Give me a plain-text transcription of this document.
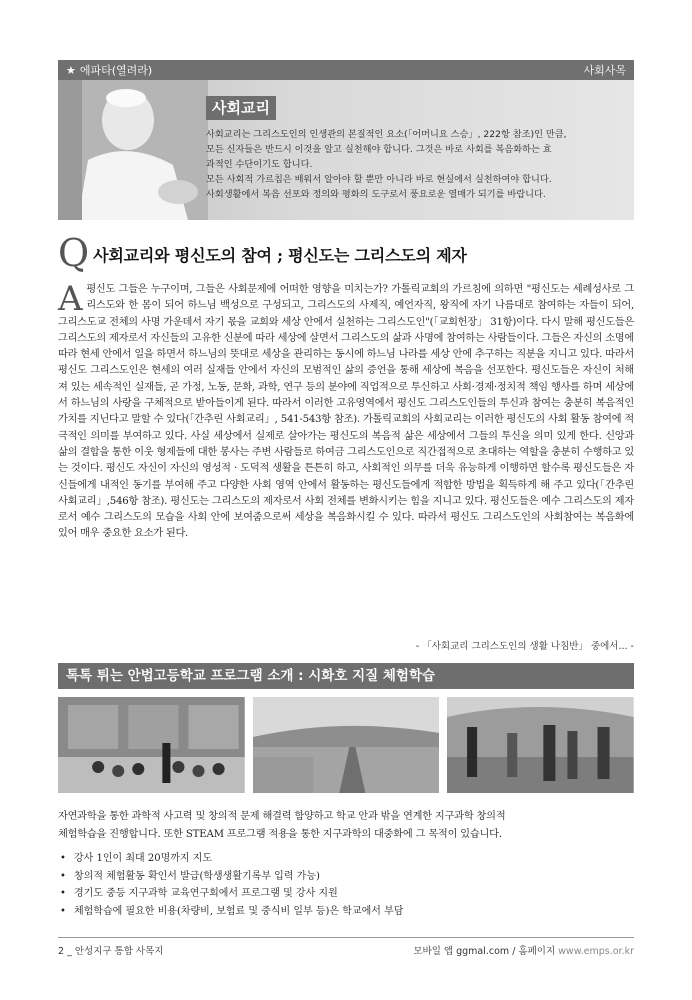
★ 에파타(열려라)	사회사목
사회교리

사회교리는 그리스도인의 인생관의 본질적인 요소(「어머니요 스승」, 222항 참조)인 만큼,

모든 신자들은 반드시 이것을 알고 실천해야 합니다. 그것은 바로 사회를 복음화하는 효

과적인 수단이기도 합니다.

모든 사회적 가르침은 배워서 알아야 할 뿐만 아니라 바로 현실에서 실천하여야 합니다.

사회생활에서 복음 선포와 정의와 평화의 도구로서 풍요로운 열매가 되기를 바랍니다.

Q 사회교리와 평신도의 참여 ; 평신도는 그리스도의 제자
A 평신도 그들은 누구이며, 그들은 사회문제에 어떠한 영향을 미치는가? 가톨릭교회의 가르침에 의하면 "평신도는 세례성사로 그리스도와 한 몸이 되어 하느님 백성으로 구성되고, 그리스도의 사제직, 예언자직, 왕직에 자기 나름대로 참여하는 자들이 되어, 그리스도교 전체의 사명 가운데서 자기 몫을 교회와 세상 안에서 실천하는 그리스도인"(「교회헌장」 31항)이다. 다시 말해 평신도들은 그리스도의 제자로서 자신들의 고유한 신분에 따라 세상에 살면서 그리스도의 삶과 사명에 참여하는 사람들이다. 그들은 자신의 소명에 따라 현세 안에서 일을 하면서 하느님의 뜻대로 세상을 관리하는 동시에 하느님 나라를 세상 안에 추구하는 직분을 지니고 있다. 따라서 평신도 그리스도인은 현세의 여러 실재들 안에서 자신의 모범적인 삶의 증언을 통해 세상에 복음을 선포한다. 평신도들은 자신이 처해져 있는 세속적인 실재들, 곧 가정, 노동, 문화, 과학, 연구 등의 분야에 직업적으로 투신하고 사회·경제·정치적 책임 행사를 하며 세상에서 하느님의 사랑을 구체적으로 받아들이게 된다. 따라서 이러한 고유영역에서 평신도 그리스도인들의 투신과 참여는 충분히 복음적인 가치를 지닌다고 말할 수 있다(「간추린 사회교리」, 541-543항 참조). 가톨릭교회의 사회교리는 이러한 평신도의 사회 활동 참여에 적극적인 의미를 부여하고 있다. 사실 세상에서 실제로 살아가는 평신도의 복음적 삶은 세상에서 그들의 투신을 의미 있게 한다. 신앙과 삶의 결합을 통한 이웃 형제들에 대한 봉사는 주변 사람들로 하여금 그리스도인으로 직간접적으로 초대하는 역할을 충분히 수행하고 있는 것이다. 평신도 자신이 자신의 영성적 · 도덕적 생활을 튼튼히 하고, 사회적인 의무를 더욱 유능하게 이행하면 할수록 평신도들은 자신들에게 내적인 동기를 부여해 주고 다양한 사회 영역 안에서 활동하는 평신도들에게 적합한 방법을 획득하게 해 주고 있다(「간추린 사회교리」,546항 참조). 평신도는 그리스도의 제자로서 사회 전체를 변화시키는 힘을 지니고 있다. 평신도들은 예수 그리스도의 제자로서 예수 그리스도의 모습을 사회 안에 보여줌으로써 세상을 복음화시킬 수 있다. 따라서 평신도 그리스도인의 사회참여는 복음화에 있어 매우 중요한 요소가 된다.
- 「사회교리 그리스도인의 생활 나침반」 중에서... -
톡톡 튀는 안법고등학교 프로그램 소개 : 시화호 지질 체험학습
자연과학을 통한 과학적 사고력 및 창의적 문제 해결력 함양하고 학교 안과 밖을 연계한 지구과학 창의적
체험학습을 진행합니다. 또한 STEAM 프로그램 적용을 통한 지구과학의 대중화에 그 목적이 있습니다.
• 강사 1인이 최대 20명까지 지도
• 창의적 체험활동 확인서 발급(학생생활기록부 입력 가능)
• 경기도 중등 지구과학 교육연구회에서 프로그램 및 강사 지원
• 체험학습에 필요한 비용(차량비, 보험료 및 중식비 일부 등)은 학교에서 부담
2 _ 안성지구 통합 사목지	모바일 앱 ggmal.com / 홈페이지 www.emps.or.kr
